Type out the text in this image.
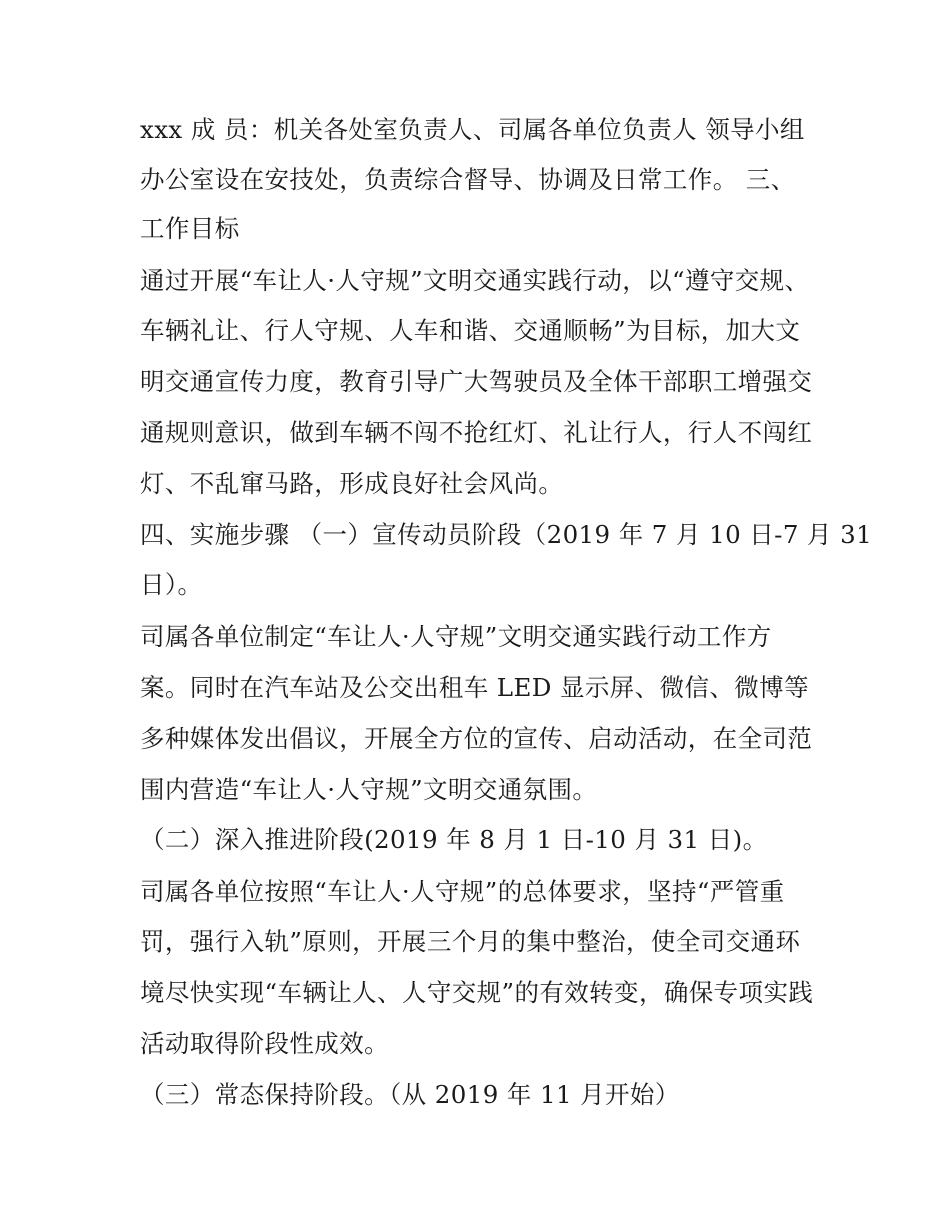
xxx 成 员：机关各处室负责人、司属各单位负责人 领导小组
办公室设在安技处，负责综合督导、协调及日常工作。 三、
工作目标
通过开展“车让人·人守规”文明交通实践行动，以“遵守交规、
车辆礼让、行人守规、人车和谐、交通顺畅”为目标，加大文
明交通宣传力度，教育引导广大驾驶员及全体干部职工增强交
通规则意识，做到车辆不闯不抢红灯、礼让行人，行人不闯红
灯、不乱窜马路，形成良好社会风尚。
四、实施步骤 （一）宣传动员阶段（2019 年 7 月 10 日-7 月 31
日）。
司属各单位制定“车让人·人守规”文明交通实践行动工作方
案。同时在汽车站及公交出租车 LED 显示屏、微信、微博等
多种媒体发出倡议，开展全方位的宣传、启动活动，在全司范
围内营造“车让人·人守规”文明交通氛围。
（二）深入推进阶段(2019 年 8 月 1 日-10 月 31 日)。
司属各单位按照“车让人·人守规”的总体要求，坚持“严管重
罚，强行入轨”原则，开展三个月的集中整治，使全司交通环
境尽快实现“车辆让人、人守交规”的有效转变，确保专项实践
活动取得阶段性成效。
（三）常态保持阶段。（从 2019 年 11 月开始）
